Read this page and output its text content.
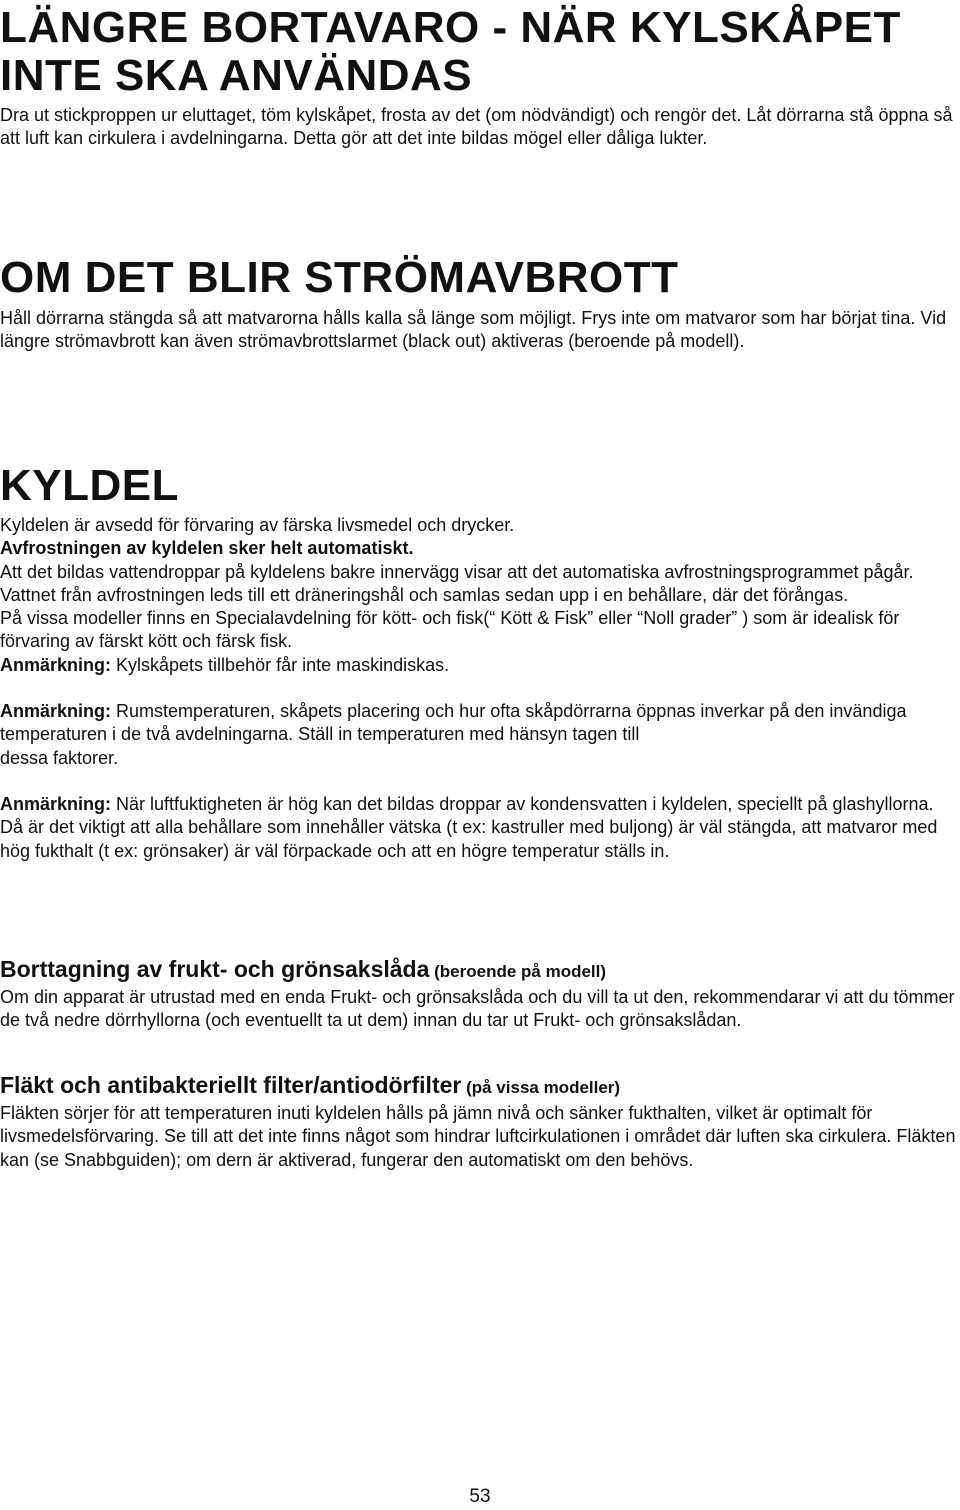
LÄNGRE BORTAVARO - NÄR KYLSKÅPET
INTE SKA ANVÄNDAS

Dra ut stickproppen ur eluttaget, töm kylskåpet, frosta av det (om nödvändigt) och rengör det. Låt dörrarna stå öppna så att luft kan cirkulera i avdelningarna. Detta gör att det inte bildas mögel eller dåliga lukter.

OM DET BLIR STRÖMAVBROTT

Håll dörrarna stängda så att matvarorna hålls kalla så länge som möjligt. Frys inte om matvaror som har börjat tina. Vid längre strömavbrott kan även strömavbrottslarmet (black out) aktiveras (beroende på modell).

KYLDEL

Kyldelen är avsedd för förvaring av färska livsmedel och drycker.

Avfrostningen av kyldelen sker helt automatiskt.

Att det bildas vattendroppar på kyldelens bakre innervägg visar att det automatiska avfrostningsprogrammet pågår. Vattnet från avfrostningen leds till ett dräneringshål och samlas sedan upp i en behållare, där det förångas.

På vissa modeller finns en Specialavdelning för kött- och fisk(“ Kött & Fisk” eller “Noll grader” ) som är idealisk för förvaring av färskt kött och färsk fisk.

Anmärkning: Kylskåpets tillbehör får inte maskindiskas.

Anmärkning: Rumstemperaturen, skåpets placering och hur ofta skåpdörrarna öppnas inverkar på den invändiga temperaturen i de två avdelningarna. Ställ in temperaturen med hänsyn tagen till

dessa faktorer.

Anmärkning: När luftfuktigheten är hög kan det bildas droppar av kondensvatten i kyldelen, speciellt på glashyllorna. Då är det viktigt att alla behållare som innehåller vätska (t ex: kastruller med buljong) är väl stängda, att matvaror med hög fukthalt (t ex: grönsaker) är väl förpackade och att en högre temperatur ställs in.

Borttagning av frukt- och grönsakslåda (beroende på modell)

Om din apparat är utrustad med en enda Frukt- och grönsakslåda och du vill ta ut den, rekommendarar vi att du tömmer de två nedre dörrhyllorna (och eventuellt ta ut dem) innan du tar ut Frukt- och grönsakslådan.

Fläkt och antibakteriellt filter/antiodörfilter (på vissa modeller)

Fläkten sörjer för att temperaturen inuti kyldelen hålls på jämn nivå och sänker fukthalten, vilket är optimalt för livsmedelsförvaring. Se till att det inte finns något som hindrar luftcirkulationen i området där luften ska cirkulera. Fläkten kan (se Snabbguiden); om dern är aktiverad, fungerar den automatiskt om den behövs.

53
